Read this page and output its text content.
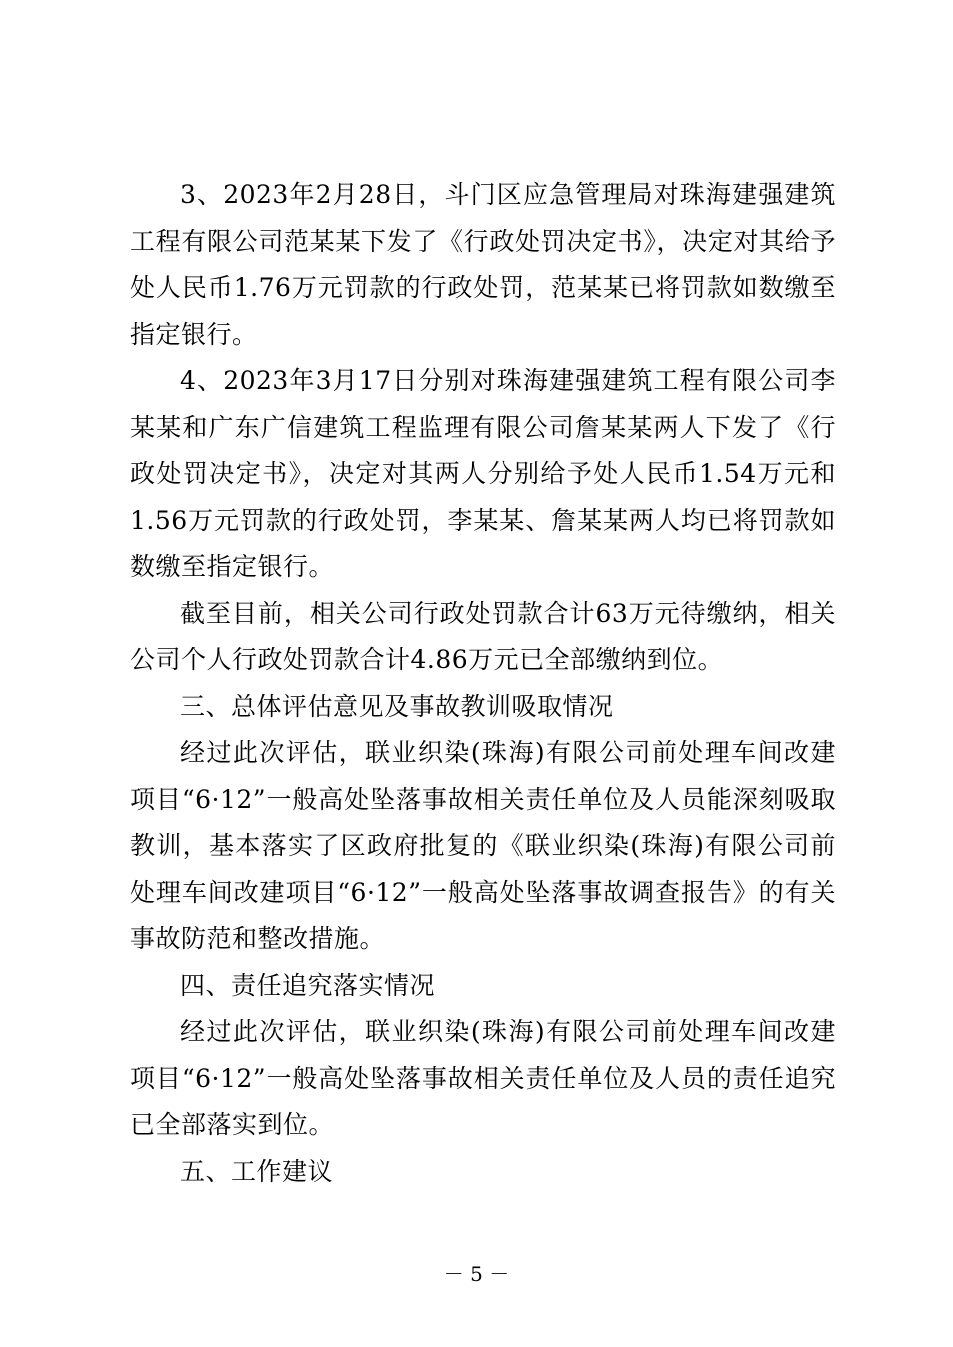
3、2023年2月28日，斗门区应急管理局对珠海建强建筑工程有限公司范某某下发了《行政处罚决定书》，决定对其给予处人民币1.76万元罚款的行政处罚，范某某已将罚款如数缴至指定银行。

4、2023年3月17日分别对珠海建强建筑工程有限公司李某某和广东广信建筑工程监理有限公司詹某某两人下发了《行政处罚决定书》，决定对其两人分别给予处人民币1.54万元和1.56万元罚款的行政处罚，李某某、詹某某两人均已将罚款如数缴至指定银行。

截至目前，相关公司行政处罚款合计63万元待缴纳，相关公司个人行政处罚款合计4.86万元已全部缴纳到位。

三、总体评估意见及事故教训吸取情况

经过此次评估，联业织染(珠海)有限公司前处理车间改建项目“6·12”一般高处坠落事故相关责任单位及人员能深刻吸取教训，基本落实了区政府批复的《联业织染(珠海)有限公司前处理车间改建项目“6·12”一般高处坠落事故调查报告》的有关事故防范和整改措施。

四、责任追究落实情况

经过此次评估，联业织染(珠海)有限公司前处理车间改建项目“6·12”一般高处坠落事故相关责任单位及人员的责任追究已全部落实到位。

五、工作建议

－ 5 －
